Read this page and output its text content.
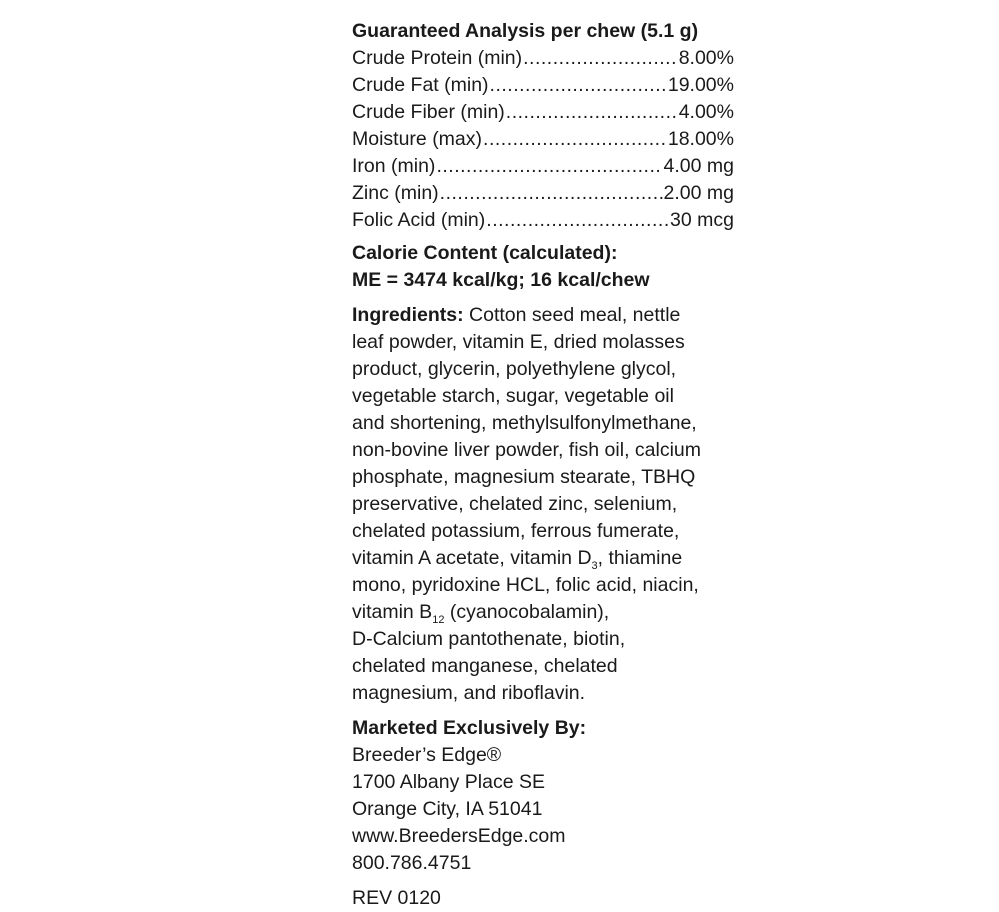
Guaranteed Analysis per chew (5.1 g)
Crude Protein (min) .....	8.00%
Crude Fat (min) .....	19.00%
Crude Fiber (min) .....	4.00%
Moisture (max) .....	18.00%
Iron (min) .....	4.00 mg
Zinc (min) .....	2.00 mg
Folic Acid (min) .....	30 mcg
Calorie Content (calculated):
ME = 3474 kcal/kg; 16 kcal/chew
Ingredients: Cotton seed meal, nettle
leaf powder, vitamin E, dried molasses
product, glycerin, polyethylene glycol,
vegetable starch, sugar, vegetable oil
and shortening, methylsulfonylmethane,
non-bovine liver powder, fish oil, calcium
phosphate, magnesium stearate, TBHQ
preservative, chelated zinc, selenium,
chelated potassium, ferrous fumerate,
vitamin A acetate, vitamin $D_3$, thiamine
mono, pyridoxine HCL, folic acid, niacin,
vitamin $B_{12}$ (cyanocobalamin),
D-Calcium pantothenate, biotin,
chelated manganese, chelated
magnesium, and riboflavin.
Marketed Exclusively By:
Breeder’s Edge®
1700 Albany Place SE
Orange City, IA 51041
www.BreedersEdge.com
800.786.4751
REV 0120
